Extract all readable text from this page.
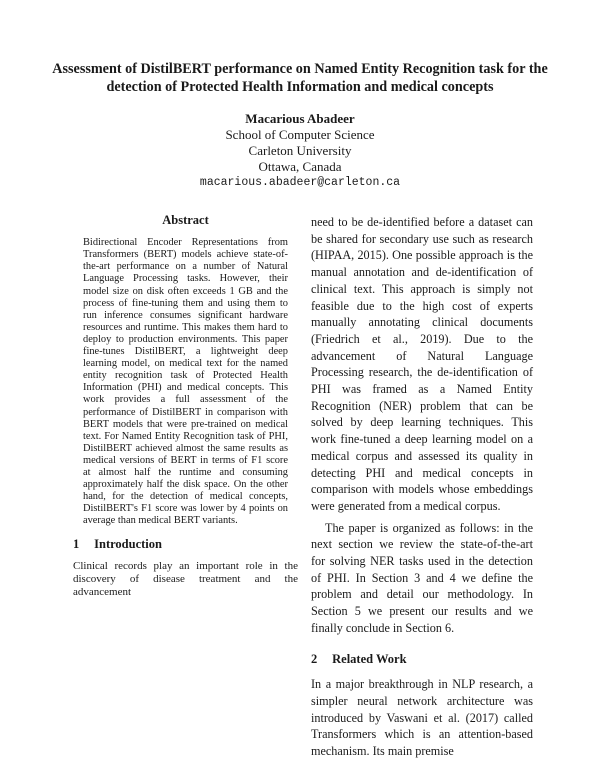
Assessment of DistilBERT performance on Named Entity Recognition task for the detection of Protected Health Information and medical concepts
Macarious Abadeer
School of Computer Science
Carleton University
Ottawa, Canada
macarious.abadeer@carleton.ca
Abstract

Bidirectional Encoder Representations from Transformers (BERT) models achieve state-of-the-art performance on a number of Natural Language Processing tasks. However, their model size on disk often exceeds 1 GB and the process of fine-tuning them and using them to run inference consumes significant hardware resources and runtime. This makes them hard to deploy to production environments. This paper fine-tunes DistilBERT, a lightweight deep learning model, on medical text for the named entity recognition task of Protected Health Information (PHI) and medical concepts. This work provides a full assessment of the performance of DistilBERT in comparison with BERT models that were pre-trained on medical text. For Named Entity Recognition task of PHI, DistilBERT achieved almost the same results as medical versions of BERT in terms of F1 score at almost half the runtime and consuming approximately half the disk space. On the other hand, for the detection of medical concepts, DistilBERT's F1 score was lower by 4 points on average than medical BERT variants.

1 Introduction

Clinical records play an important role in the discovery of disease treatment and the advancement

need to be de-identified before a dataset can be shared for secondary use such as research (HIPAA, 2015). One possible approach is the manual annotation and de-identification of clinical text. This approach is simply not feasible due to the high cost of experts manually annotating clinical documents (Friedrich et al., 2019). Due to the advancement of Natural Language Processing research, the de-identification of PHI was framed as a Named Entity Recognition (NER) problem that can be solved by deep learning techniques. This work fine-tuned a deep learning model on a medical corpus and assessed its quality in detecting PHI and medical concepts in comparison with models whose embeddings were generated from a medical corpus.

The paper is organized as follows: in the next section we review the state-of-the-art for solving NER tasks used in the detection of PHI. In Section 3 and 4 we define the problem and detail our methodology. In Section 5 we present our results and we finally conclude in Section 6.

2 Related Work

In a major breakthrough in NLP research, a simpler neural network architecture was introduced by Vaswani et al. (2017) called Transformers which is an attention-based mechanism. Its main premise
